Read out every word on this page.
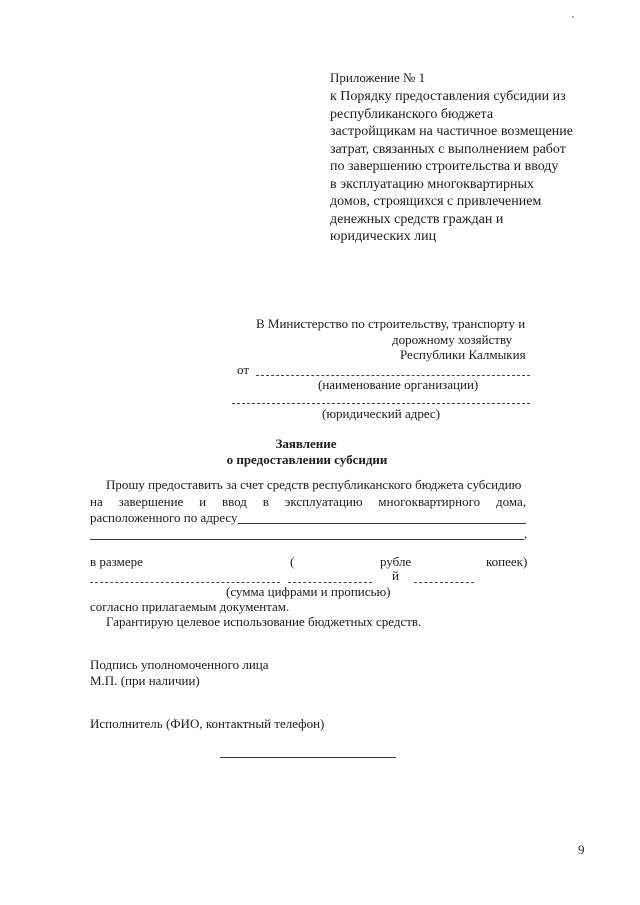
Приложение № 1
к Порядку предоставления субсидии из
республиканского бюджета
застройщикам на частичное возмещение
затрат, связанных с выполнением работ
по завершению строительства и вводу
в эксплуатацию многоквартирных
домов, строящихся с привлечением
денежных средств граждан и
юридических лиц
В Министерство по строительству, транспорту и
дорожному хозяйству
Республики Калмыкия
от
(наименование организации)
(юридический адрес)
Заявление
о предоставлении субсидии
Прошу предоставить за счет средств республиканского бюджета субсидию
на завершение и ввод в эксплуатацию многоквартирного дома,
расположенного по адресу
,
в размере	(	рубле	копеек)
й
(сумма цифрами и прописью)
согласно прилагаемым документам.
Гарантирую целевое использование бюджетных средств.
Подпись уполномоченного лица
М.П. (при наличии)
Исполнитель (ФИО, контактный телефон)
9
